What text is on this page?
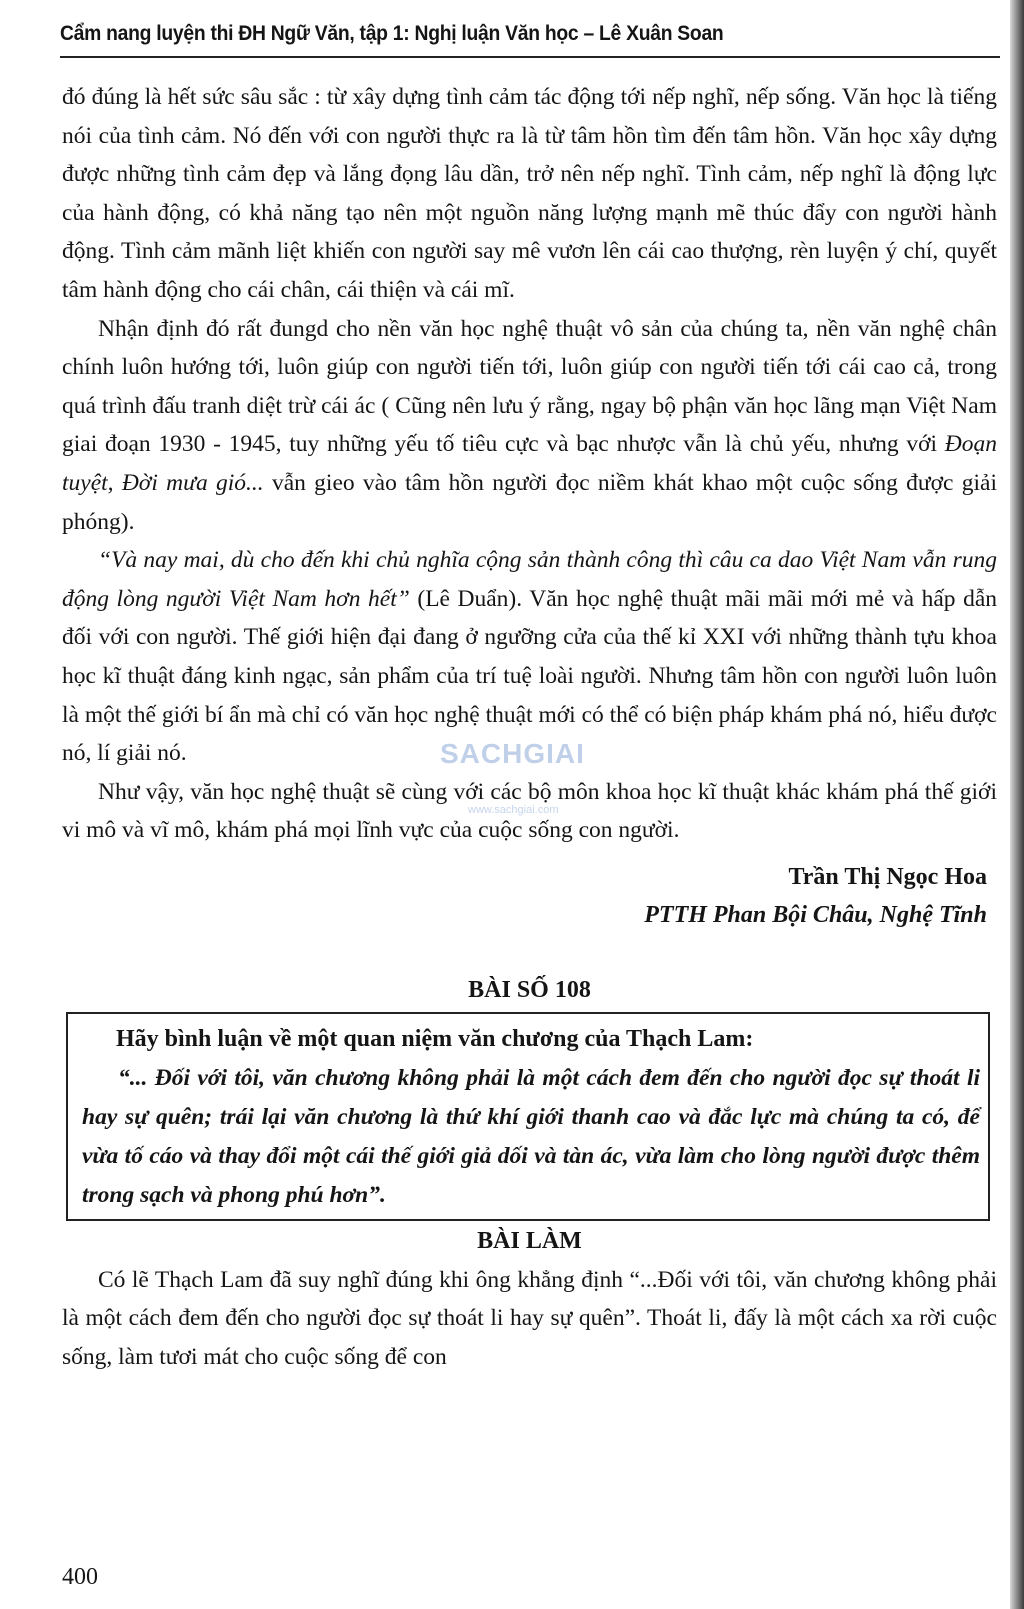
Cẩm nang luyện thi ĐH Ngữ Văn, tập 1: Nghị luận Văn học – Lê Xuân Soan

đó đúng là hết sức sâu sắc : từ xây dựng tình cảm tác động tới nếp nghĩ, nếp sống. Văn học là tiếng nói của tình cảm. Nó đến với con người thực ra là từ tâm hồn tìm đến tâm hồn. Văn học xây dựng được những tình cảm đẹp và lắng đọng lâu dần, trở nên nếp nghĩ. Tình cảm, nếp nghĩ là động lực của hành động, có khả năng tạo nên một nguồn năng lượng mạnh mẽ thúc đẩy con người hành động. Tình cảm mãnh liệt khiến con người say mê vươn lên cái cao thượng, rèn luyện ý chí, quyết tâm hành động cho cái chân, cái thiện và cái mĩ.

Nhận định đó rất đungd cho nền văn học nghệ thuật vô sản của chúng ta, nền văn nghệ chân chính luôn hướng tới, luôn giúp con người tiến tới, luôn giúp con người tiến tới cái cao cả, trong quá trình đấu tranh diệt trừ cái ác ( Cũng nên lưu ý rằng, ngay bộ phận văn học lãng mạn Việt Nam giai đoạn 1930 - 1945, tuy những yếu tố tiêu cực và bạc nhược vẫn là chủ yếu, nhưng với Đoạn tuyệt, Đời mưa gió... vẫn gieo vào tâm hồn người đọc niềm khát khao một cuộc sống được giải phóng).

“Và nay mai, dù cho đến khi chủ nghĩa cộng sản thành công thì câu ca dao Việt Nam vẫn rung động lòng người Việt Nam hơn hết” (Lê Duẩn). Văn học nghệ thuật mãi mãi mới mẻ và hấp dẫn đối với con người. Thế giới hiện đại đang ở ngưỡng cửa của thế kỉ XXI với những thành tựu khoa học kĩ thuật đáng kinh ngạc, sản phẩm của trí tuệ loài người. Nhưng tâm hồn con người luôn luôn là một thế giới bí ẩn mà chỉ có văn học nghệ thuật mới có thể có biện pháp khám phá nó, hiểu được nó, lí giải nó.

Như vậy, văn học nghệ thuật sẽ cùng với các bộ môn khoa học kĩ thuật khác khám phá thế giới vi mô và vĩ mô, khám phá mọi lĩnh vực của cuộc sống con người.

Trần Thị Ngọc Hoa
PTTH Phan Bội Châu, Nghệ Tĩnh
BÀI SỐ 108

Hãy bình luận về một quan niệm văn chương của Thạch Lam:

“... Đối với tôi, văn chương không phải là một cách đem đến cho người đọc sự thoát li hay sự quên; trái lại văn chương là thứ khí giới thanh cao và đắc lực mà chúng ta có, để vừa tố cáo và thay đổi một cái thế giới giả dối và tàn ác, vừa làm cho lòng người được thêm trong sạch và phong phú hơn”.

BÀI LÀM

Có lẽ Thạch Lam đã suy nghĩ đúng khi ông khẳng định “...Đối với tôi, văn chương không phải là một cách đem đến cho người đọc sự thoát li hay sự quên”. Thoát li, đấy là một cách xa rời cuộc sống, làm tươi mát cho cuộc sống để con

SACHGIAI
www.sachgiai.com
400
